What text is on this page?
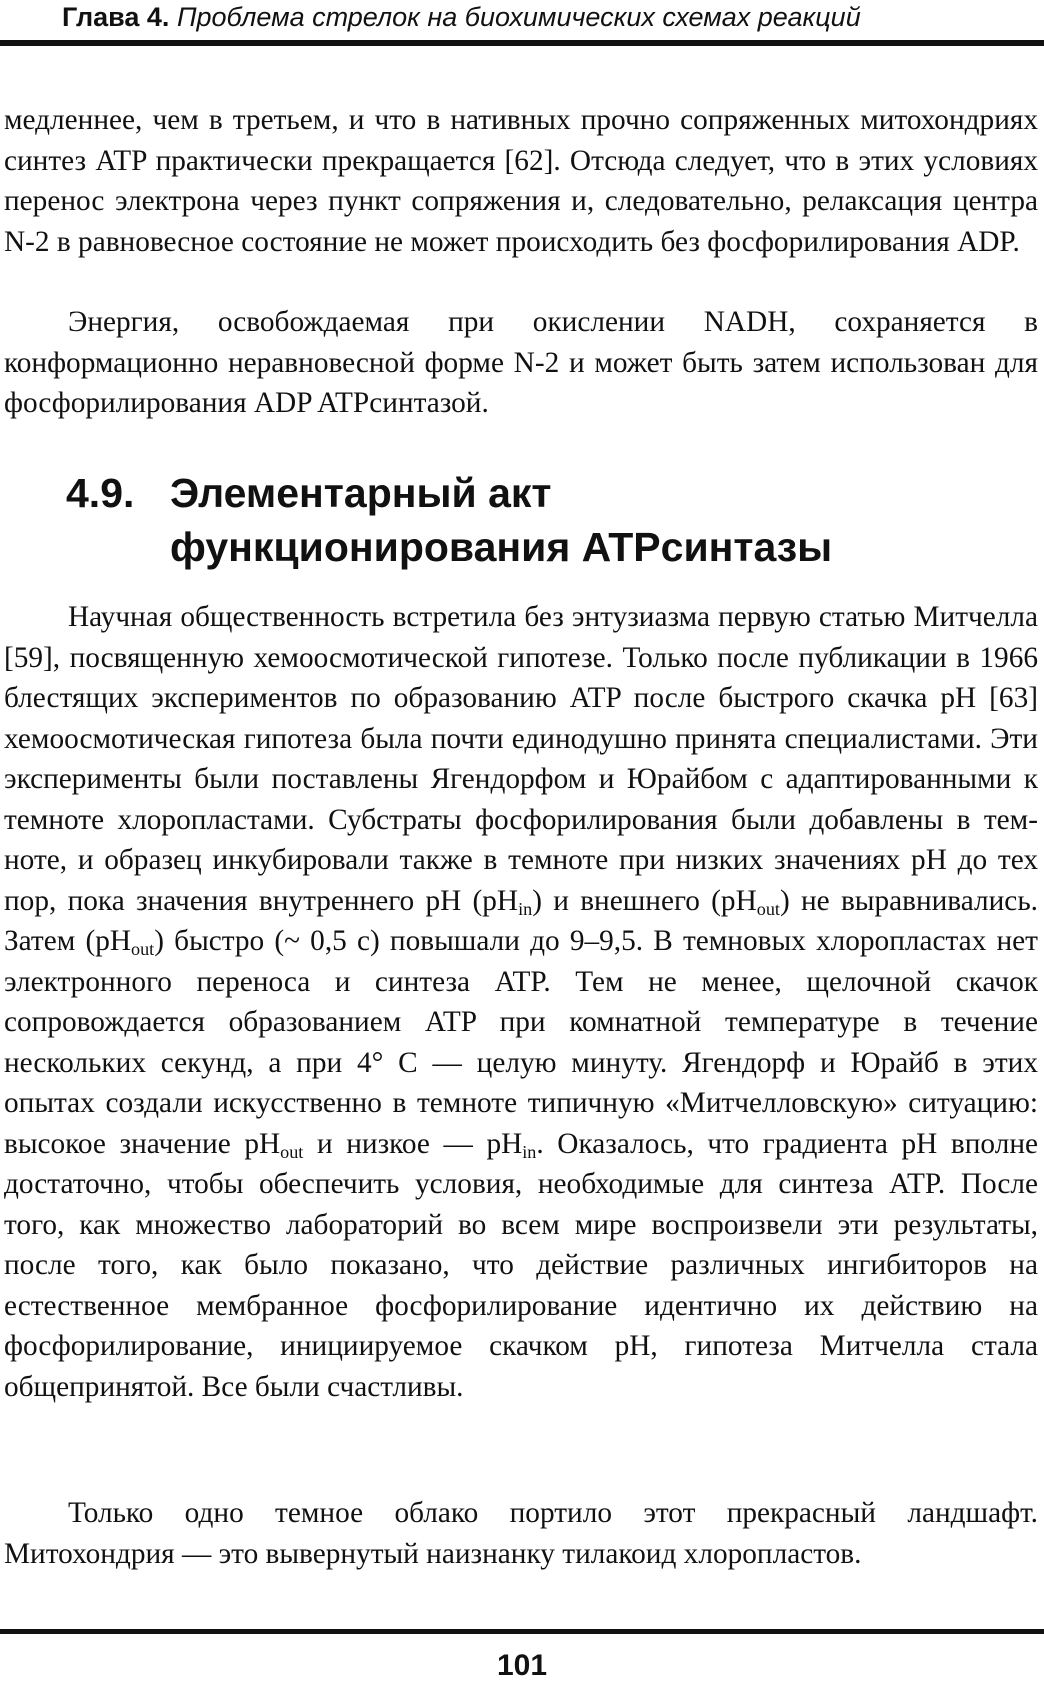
Глава 4. Проблема стрелок на биохимических схемах реакций

медленнее, чем в третьем, и что в нативных прочно сопряженных митохондриях синтез ATP практически прекращается [62]. Отсюда следует, что в этих условиях перенос электрона через пункт сопряжения и, следовательно, релаксация центра N-2 в равновесное состояние не может происходить без фосфорилирования ADP.

Энергия, освобождаемая при окислении NADH, сохраняется в конформационно неравновесной форме N-2 и может быть затем использован для фосфорилирования ADP ATPсинтазой.

4.9. Элементарный акт
функционирования ATPсинтазы

Научная общественность встретила без энтузиазма первую статью Митчелла [59], посвященную хемоосмотической гипотезе. Только после публикации в 1966 блестящих экспериментов по образованию ATP после быстрого скачка pH [63] хемоосмотическая гипотеза была почти единодушно принята специалистами. Эти эксперименты были поставлены Ягендорфом и Юрайбом с адаптированными к темноте хлоропластами. Субстраты фосфорилирования были добавлены в темноте, и образец инкубировали также в темноте при низких значениях pH до тех пор, пока значения внутреннего pH $(pH_{in})$ и внешнего $(pH_{out})$ не выравнивались. Затем $(pH_{out})$ быстро (~ 0,5 с) повышали до 9–9,5. В темновых хлоропластах нет электронного переноса и синтеза ATP. Тем не менее, щелочной скачок сопровождается образованием ATP при комнатной температуре в течение нескольких секунд, а при 4° С — целую минуту. Ягендорф и Юрайб в этих опытах создали искусственно в темноте типичную «Митчелловскую» ситуацию: высокое значение $pH_{out}$ и низкое — $pH_{in}$. Оказалось, что градиента pH вполне достаточно, чтобы обеспечить условия, необходимые для синтеза ATP. После того, как множество лабораторий во всем мире воспроизвели эти результаты, после того, как было показано, что действие различных ингибиторов на естественное мембранное фосфорилирование идентично их действию на фосфорилирование, инициируемое скачком pH, гипотеза Митчелла стала общепринятой. Все были счастливы.

Только одно темное облако портило этот прекрасный ландшафт. Митохондрия — это вывернутый наизнанку тилакоид хлоропластов.

101
